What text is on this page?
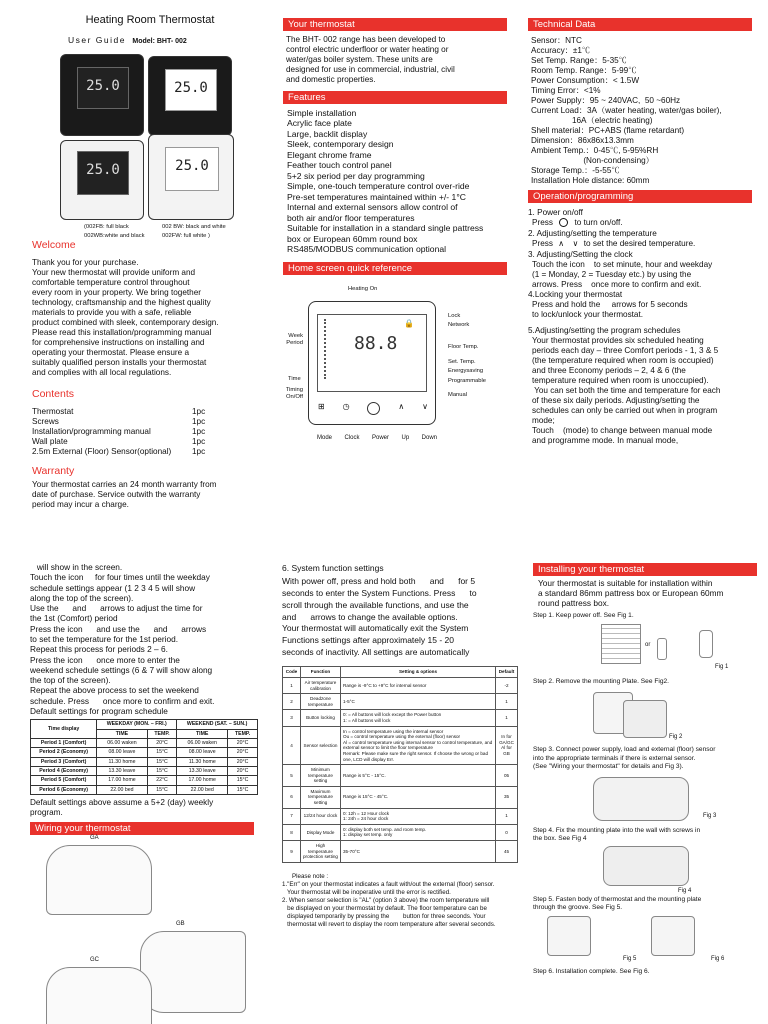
Heating Room Thermostat
User Guide Model: BHT- 002
25.0	25.0
25.0	25.0
(002FB: full black
002WB:white and black
002 BW: black and white
002FW: full white )
Welcome
Thank you for your purchase.
Your new thermostat will provide uniform and
comfortable temperature control throughout
every room in your property. We bring together
technology, craftsmanship and the highest quality
materials to provide you with a safe, reliable
product combined with sleek, contemporary design.
Please read this installation/programming manual
for comprehensive instructions on installing and
operating your thermostat. Please ensure a
suitably qualified person installs your thermostat
and complies with all local regulations.
Contents
Thermostat	1pc
Screws	1pc
Installation/programming manual	1pc
Wall plate	1pc
2.5m External (Floor) Sensor(optional)	1pc
Warranty
Your thermostat carries an 24 month warranty from
date of purchase. Service outwith the warranty
period may incur a charge.
Your thermostat
The BHT- 002 range has been developed to
control electric underfloor or water heating or
water/gas boiler system. These units are
designed for use in commercial, industrial, civil
and domestic properties.
Features
Simple installation
Acrylic face plate
Large, backlit display
Sleek, contemporary design
Elegant chrome frame
Feather touch control panel
5+2 six period per day programming
Simple, one-touch temperature control over-ride
Pre-set temperatures maintained within +/- 1°C
Internal and external sensors allow control of
both air and/or floor temperatures
Suitable for installation in a standard single pattress
box or European 60mm round box
RS485/MODBUS communication optional
Home screen quick reference
Heating On
88.8
🔒
⊞ ◷	∧ ∨
Week
Period
Time
Timing
On/Off
Lock
Network
Floor Temp.
Set. Temp.
Energysaving
Programmable
Manual
Mode Clock Power Up Down
Technical Data
Sensor：NTC
Accuracy：±1℃
Set Temp. Range：5-35℃
Room Temp. Range：5-99℃
Power Consumption：< 1.5W
Timing Error：<1%
Power Supply：95 ~ 240VAC,  50 ~60Hz
Current Load：3A（water heating, water/gas boiler),
16A（electric heating)
Shell material：PC+ABS (flame retardant)
Dimension：86x86x13.3mm
Ambient Temp.：0-45℃, 5-95%RH
(Non-condensing）
Storage Temp.：-5-55℃
Installation Hole distance: 60mm
Operation/programming
1. Power on/off
Press	to turn on/off.
2. Adjusting/setting the temperature
Press ∧ ∨ to set the desired temperature.
3. Adjusting/Setting the clock
Touch the icon    to set minute, hour and weekday
(1 = Monday, 2 = Tuesday etc.) by using the
arrows. Press    once more to confirm and exit.
4.Locking your thermostat
Press and hold the     arrows for 5 seconds
to lock/unlock your thermostat.
5.Adjusting/setting the program schedules
Your thermostat provides six scheduled heating
periods each day – three Comfort periods - 1, 3 & 5
(the temperature required when room is occupied)
and three Economy periods – 2, 4 & 6 (the
temperature required when room is unoccupied).
You can set both the time and temperature for each
of these six daily periods. Adjusting/setting the
schedules can only be carried out when in program
mode;
Touch    (mode) to change between manual mode
and programme mode. In manual mode,
will show in the screen.
Touch the icon     for four times until the weekday
schedule settings appear (1 2 3 4 5 will show
along the top of the screen).
Use the      and      arrows to adjust the time for
the 1st (Comfort) period
Press the icon      and use the      and      arrows
to set the temperature for the 1st period.
Repeat this process for periods 2 – 6.
Press the icon      once more to enter the
weekend schedule settings (6 & 7 will show along
the top of the screen).
Repeat the above process to set the weekend
schedule. Press      once more to confirm and exit.
Default settings for program schedule
Time display	WEEKDAY (MON. – FRI.)		WEEKEND (SAT. – SUN.)	
	TIME	TEMP.	TIME	TEMP.
Period 1 (Comfort)	06.00 waken	20°C	06.00 waken	20°C
Period 2 (Economy)	08.00 leave	15°C	08.00 leave	20°C
Period 3 (Comfort)	11.30 home	15°C	11.30 home	20°C
Period 4 (Economy)	13.30 leave	15°C	13.30 leave	20°C
Period 5 (Comfort)	17.00 home	22°C	17.00 home	15°C
Period 6 (Economy)	22.00 bed	15°C	22.00 bed	15°C
Default settings above assume a 5+2 (day) weekly
program.
Wiring your thermostat
GA
GB
GC
6. System function settings
With power off, press and hold both      and      for 5
seconds to enter the System Functions. Press      to
scroll through the available functions, and use the
and      arrows to change the available options.
Your thermostat will automatically exit the System
Functions settings after approximately 15 - 20
seconds of inactivity. All settings are automatically
Code	Function	Setting & options	Default
1	Air temperature calibration	Range is -9°C to +9°C for internal sensor	-2
2	Deadzone temperature	1-5°C	1
3	Button locking	0: = All buttons will lock except the Power button
1: = All buttons will lock	1
4	Sensor selection	In = control temperature using the internal sensor
Ou = control temperature using the external (floor) sensor
Al = control temperature using internal sensor to control temperature, and external sensor to limit the floor temperature
Remark: Please make sure the right sensor. If choose the wrong or bad one, LCD will display Err.	In for GA/GC
Al for GB
5	Minimum temperature setting	Range is 5°C - 15°C.	05
6	Maximum temperature setting	Range is 15°C - 45°C.	35
7	12/24 hour clock	0: 12h = 12 Hour clock
1: 24h = 24 hour clock	1
8	Display Mode	0: display both set temp. and room temp.
1: display set temp. only	0
9	High temperature protection setting	35-70°C	45
Please note :
1."Err" on your thermostat indicates a fault with/out the external (floor) sensor.
Your thermostat will be inoperative until the error is rectified.
2. When sensor selection is "AL" (option 3 above) the room temperature will
be displayed on your thermostat by default. The floor temperature can be
displayed temporarily by pressing the        button for three seconds. Your
thermostat will revert to display the room temperature after several seconds.
Installing your thermostat
Your thermostat is suitable for installation within
a standard 86mm pattress box or European 60mm
round pattress box.
Step 1. Keep power off. See Fig 1.
or
Fig 1
Step 2. Remove the mounting Plate. See Fig2.
Fig 2
Step 3. Connect power supply, load and external (floor) sensor
into the appropriate terminals if there is external sensor.
(See "Wiring your thermostat" for details and Fig 3).
Fig 3
Step 4. Fix the mounting plate into the wall with screws in
the box. See Fig 4
Fig 4
Step 5. Fasten body of thermostat and the mounting plate
through the groove. See Fig 5.
Fig 5	Fig 6
Step 6. Installation complete. See Fig 6.
